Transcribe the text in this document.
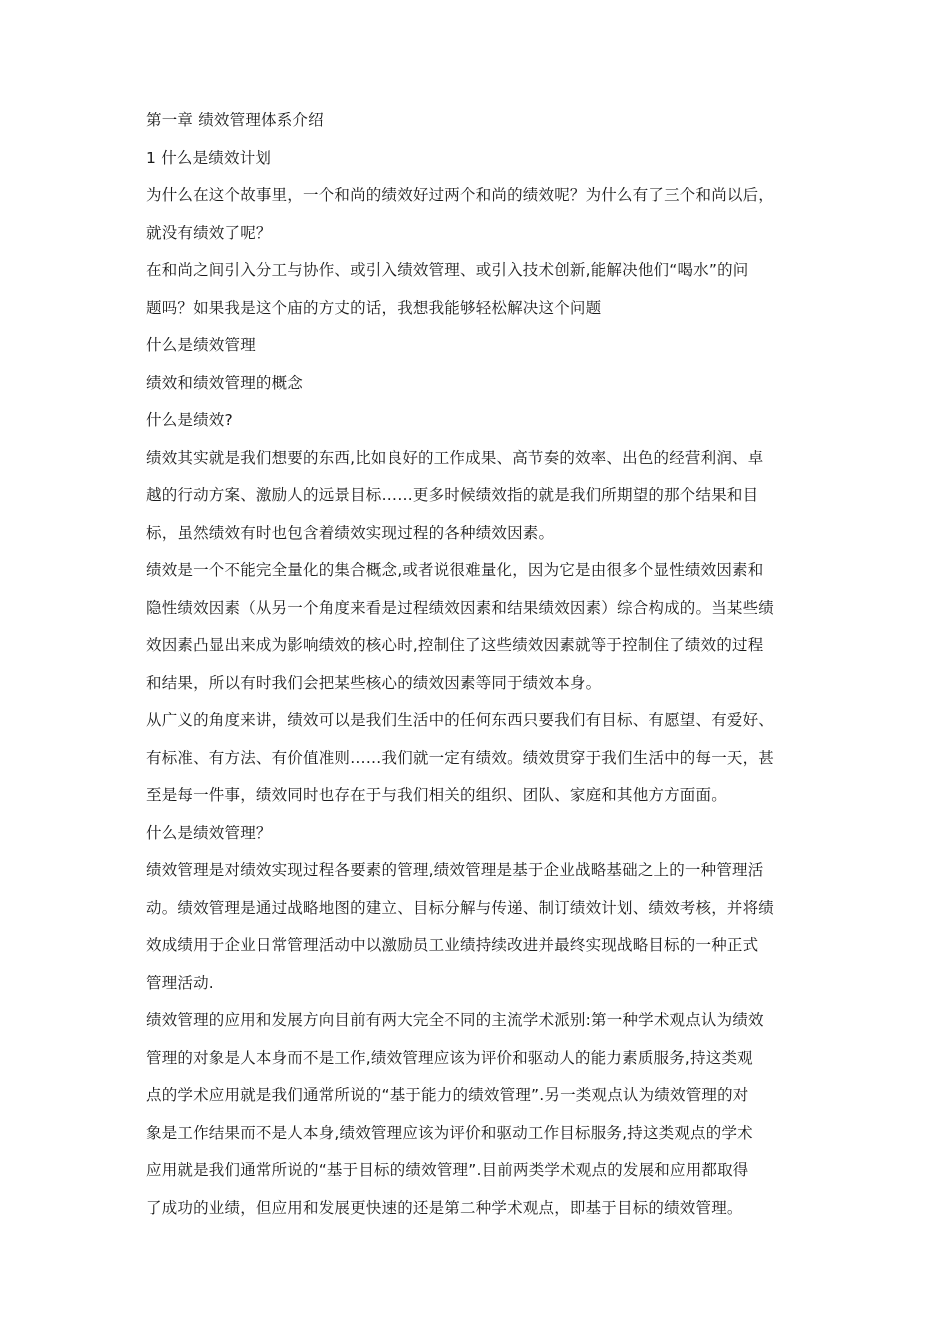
第一章 绩效管理体系介绍
1 什么是绩效计划
为什么在这个故事里，一个和尚的绩效好过两个和尚的绩效呢？为什么有了三个和尚以后，
就没有绩效了呢？
在和尚之间引入分工与协作、或引入绩效管理、或引入技术创新,能解决他们“喝水”的问
题吗？如果我是这个庙的方丈的话，我想我能够轻松解决这个问题
什么是绩效管理
绩效和绩效管理的概念
什么是绩效?
绩效其实就是我们想要的东西,比如良好的工作成果、高节奏的效率、出色的经营利润、卓
越的行动方案、激励人的远景目标……更多时候绩效指的就是我们所期望的那个结果和目
标，虽然绩效有时也包含着绩效实现过程的各种绩效因素。
绩效是一个不能完全量化的集合概念,或者说很难量化，因为它是由很多个显性绩效因素和
隐性绩效因素（从另一个角度来看是过程绩效因素和结果绩效因素）综合构成的。当某些绩
效因素凸显出来成为影响绩效的核心时,控制住了这些绩效因素就等于控制住了绩效的过程
和结果，所以有时我们会把某些核心的绩效因素等同于绩效本身。
从广义的角度来讲，绩效可以是我们生活中的任何东西只要我们有目标、有愿望、有爱好、
有标准、有方法、有价值准则……我们就一定有绩效。绩效贯穿于我们生活中的每一天，甚
至是每一件事，绩效同时也存在于与我们相关的组织、团队、家庭和其他方方面面。
什么是绩效管理？
绩效管理是对绩效实现过程各要素的管理,绩效管理是基于企业战略基础之上的一种管理活
动。绩效管理是通过战略地图的建立、目标分解与传递、制订绩效计划、绩效考核，并将绩
效成绩用于企业日常管理活动中以激励员工业绩持续改进并最终实现战略目标的一种正式
管理活动.
绩效管理的应用和发展方向目前有两大完全不同的主流学术派别:第一种学术观点认为绩效
管理的对象是人本身而不是工作,绩效管理应该为评价和驱动人的能力素质服务,持这类观
点的学术应用就是我们通常所说的“基于能力的绩效管理”.另一类观点认为绩效管理的对
象是工作结果而不是人本身,绩效管理应该为评价和驱动工作目标服务,持这类观点的学术
应用就是我们通常所说的“基于目标的绩效管理”.目前两类学术观点的发展和应用都取得
了成功的业绩，但应用和发展更快速的还是第二种学术观点，即基于目标的绩效管理。
